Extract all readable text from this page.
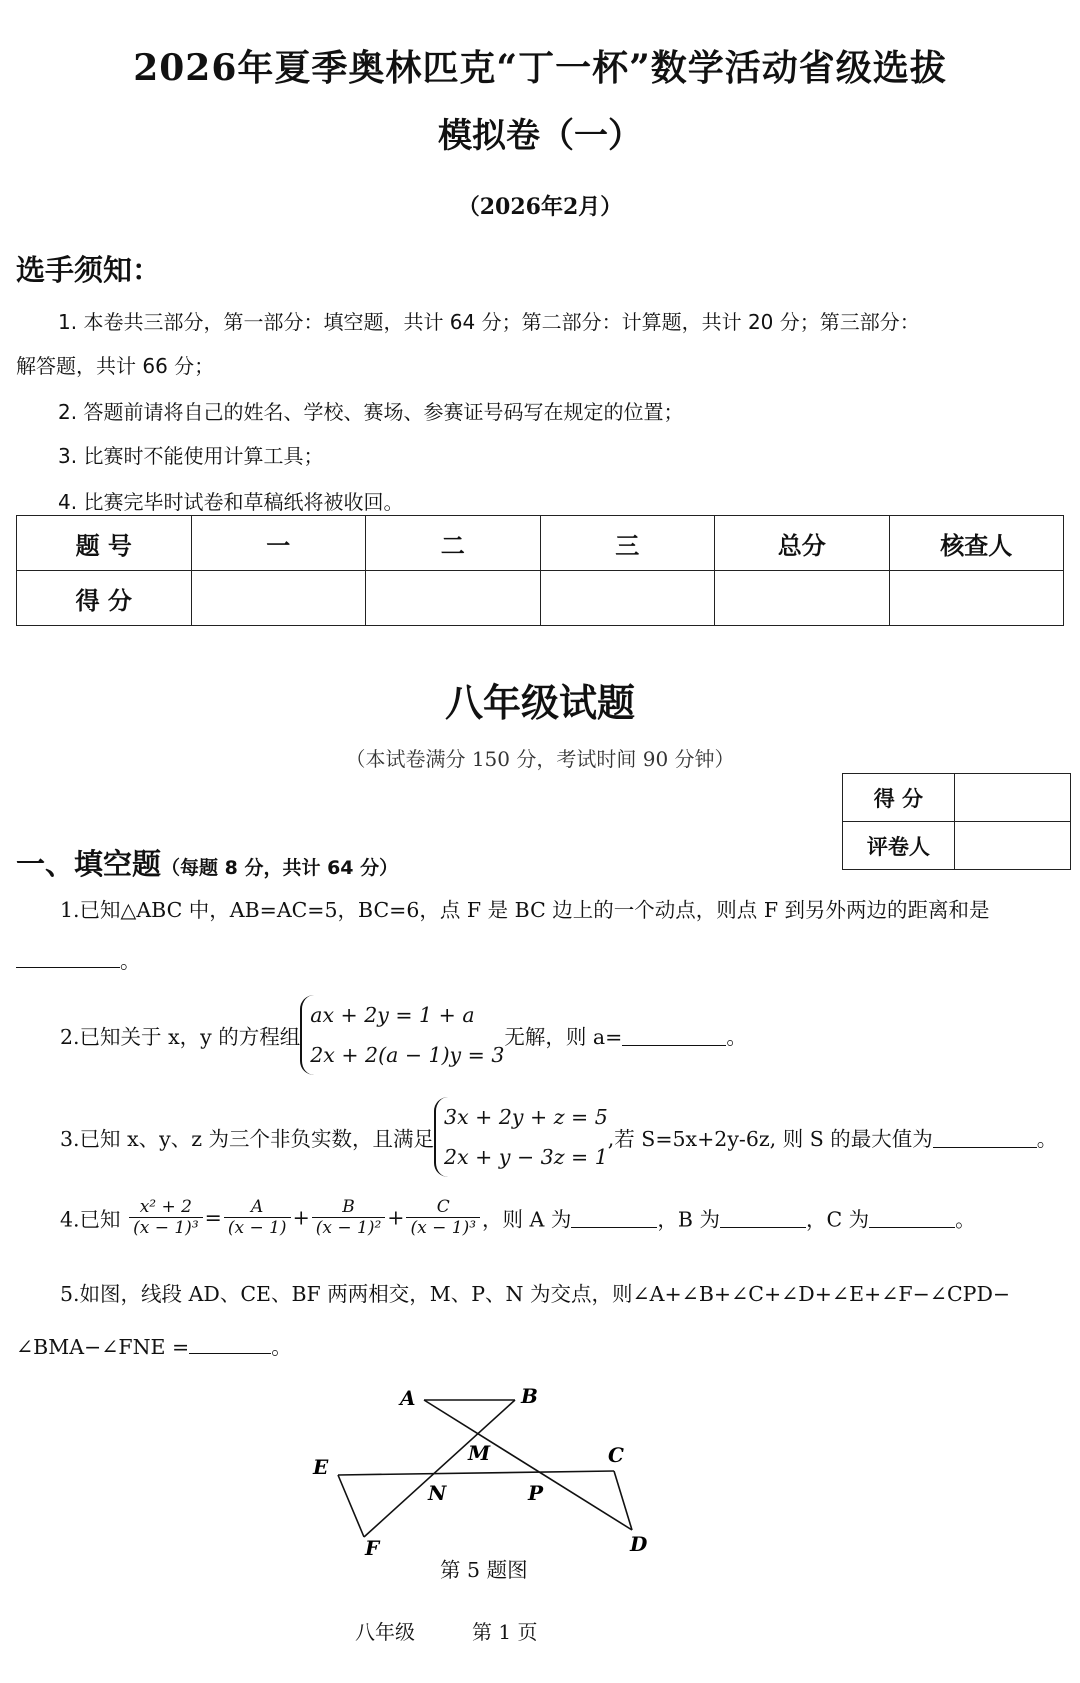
2026年夏季奥林匹克“丁一杯”数学活动省级选拔
模拟卷（一）
（2026年2月）
选手须知：
1. 本卷共三部分，第一部分：填空题，共计 64 分；第二部分：计算题，共计 20 分；第三部分：
解答题，共计 66 分；
2. 答题前请将自己的姓名、学校、赛场、参赛证号码写在规定的位置；
3. 比赛时不能使用计算工具；
4. 比赛完毕时试卷和草稿纸将被收回。
题 号	一	二	三	总分	核查人
得 分					
八年级试题
（本试卷满分 150 分，考试时间 90 分钟）
得 分	
评卷人	
一、填空题（每题 8 分，共计 64 分）
1.已知△ABC 中，AB=AC=5，BC=6，点 F 是 BC 边上的一个动点，则点 F 到另外两边的距离和是
。
2.已知关于 x，y 的方程组ax + 2y = 1 + a
2x + 2(a − 1)y = 3无解，则 a=	。
3.已知 x、y、z 为三个非负实数，且满足3x + 2y + z = 5
2x + y − 3z = 1,若 S=5x+2y-6z, 则 S 的最大值为	。
4.已知 $\frac{\text{x² + 2}}{\text{(x − 1)³}} = \frac{A}{(x - 1)} + \frac{B}{\text{(x − 1)²}} + \frac{C}{\text{(x − 1)³}}$ ，则 A 为	，B 为	，C 为	。
5.如图，线段 AD、CE、BF 两两相交，M、P、N 为交点，则∠A+∠B+∠C+∠D+∠E+∠F−∠CPD−
∠BMA−∠FNE =	。
A	B
C
D
E
F
M
N	P
第 5 题图
八年级	第 1 页
